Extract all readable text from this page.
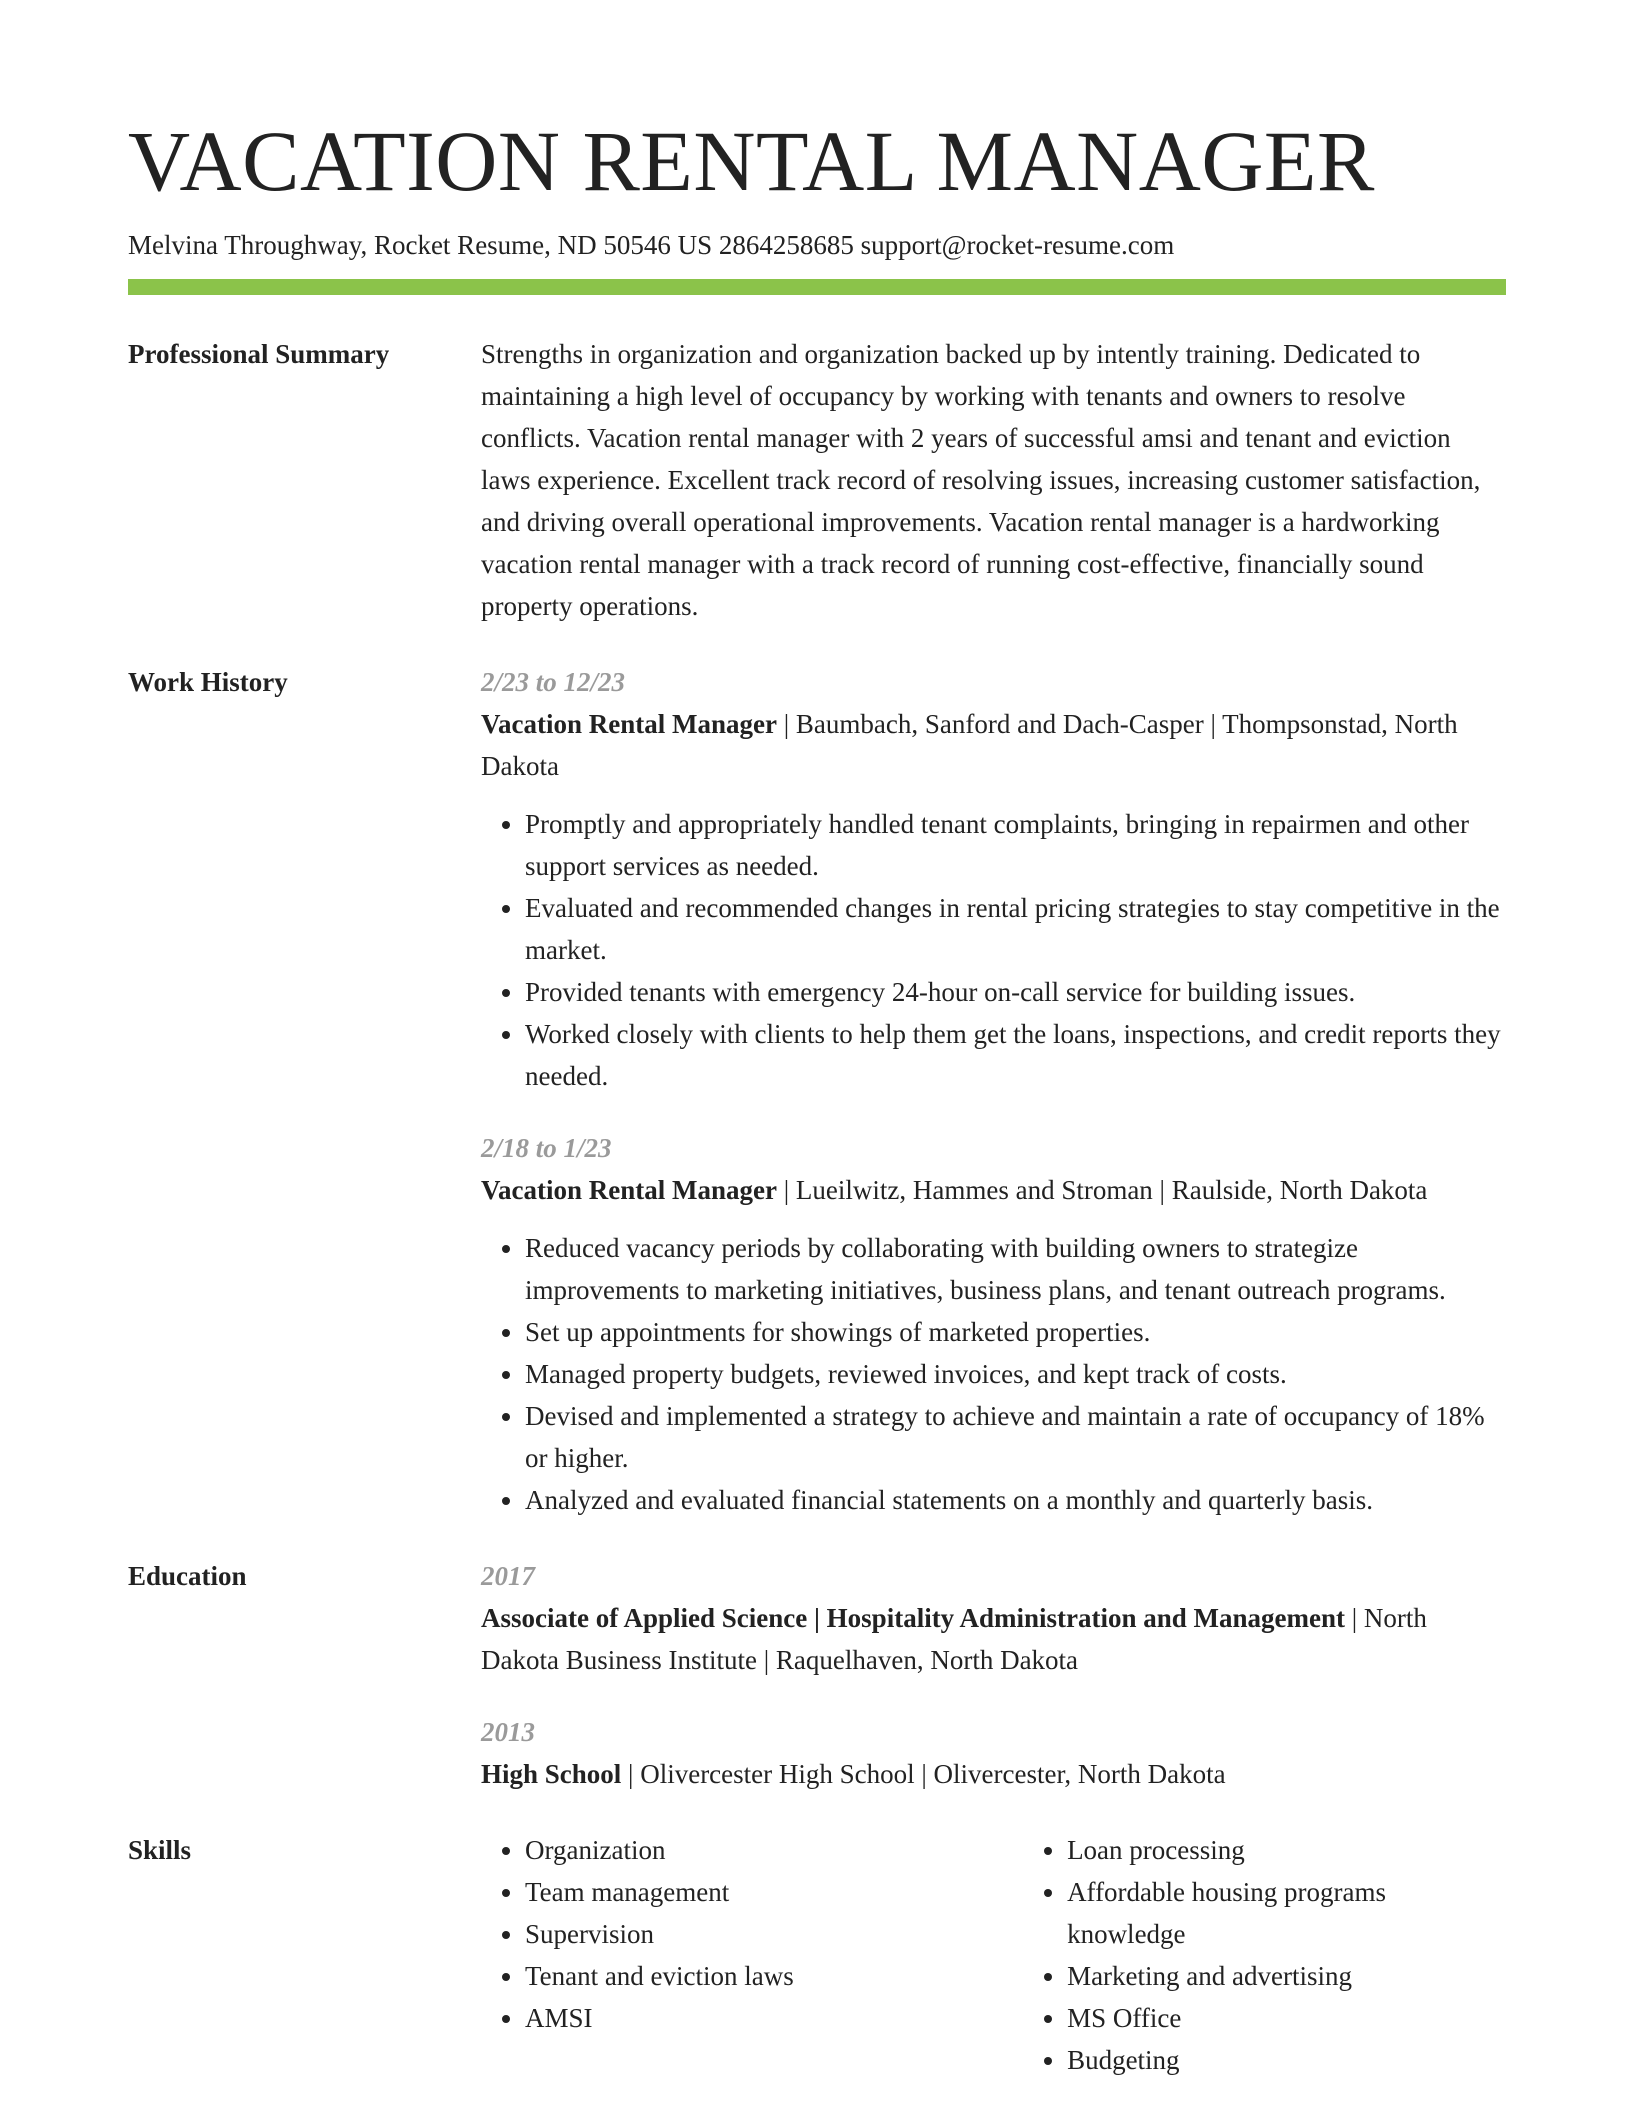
VACATION RENTAL MANAGER
Melvina Throughway, Rocket Resume, ND 50546 US 2864258685 support@rocket-resume.com
Professional Summary	Strengths in organization and organization backed up by intently training. Dedicated to maintaining a high level of occupancy by working with tenants and owners to resolve conflicts. Vacation rental manager with 2 years of successful amsi and tenant and eviction laws experience. Excellent track record of resolving issues, increasing customer satisfaction, and driving overall operational improvements. Vacation rental manager is a hardworking vacation rental manager with a track record of running cost-effective, financially sound property operations.

Work History	2/23 to 12/23

Vacation Rental Manager | Baumbach, Sanford and Dach-Casper | Thompsonstad, North Dakota

• Promptly and appropriately handled tenant complaints, bringing in repairmen and other support services as needed.
• Evaluated and recommended changes in rental pricing strategies to stay competitive in the market.
• Provided tenants with emergency 24-hour on-call service for building issues.
• Worked closely with clients to help them get the loans, inspections, and credit reports they needed.
2/18 to 1/23

Vacation Rental Manager | Lueilwitz, Hammes and Stroman | Raulside, North Dakota

• Reduced vacancy periods by collaborating with building owners to strategize improvements to marketing initiatives, business plans, and tenant outreach programs.
• Set up appointments for showings of marketed properties.
• Managed property budgets, reviewed invoices, and kept track of costs.
• Devised and implemented a strategy to achieve and maintain a rate of occupancy of 18% or higher.
• Analyzed and evaluated financial statements on a monthly and quarterly basis.
Education	2017

Associate of Applied Science | Hospitality Administration and Management | North Dakota Business Institute | Raquelhaven, North Dakota

2013

High School | Olivercester High School | Olivercester, North Dakota

Skills
•	Organization
• Team management
• Supervision
• Tenant and eviction laws
• AMSI
• Loan processing
• Affordable housing programs knowledge
• Marketing and advertising
• MS Office
• Budgeting
